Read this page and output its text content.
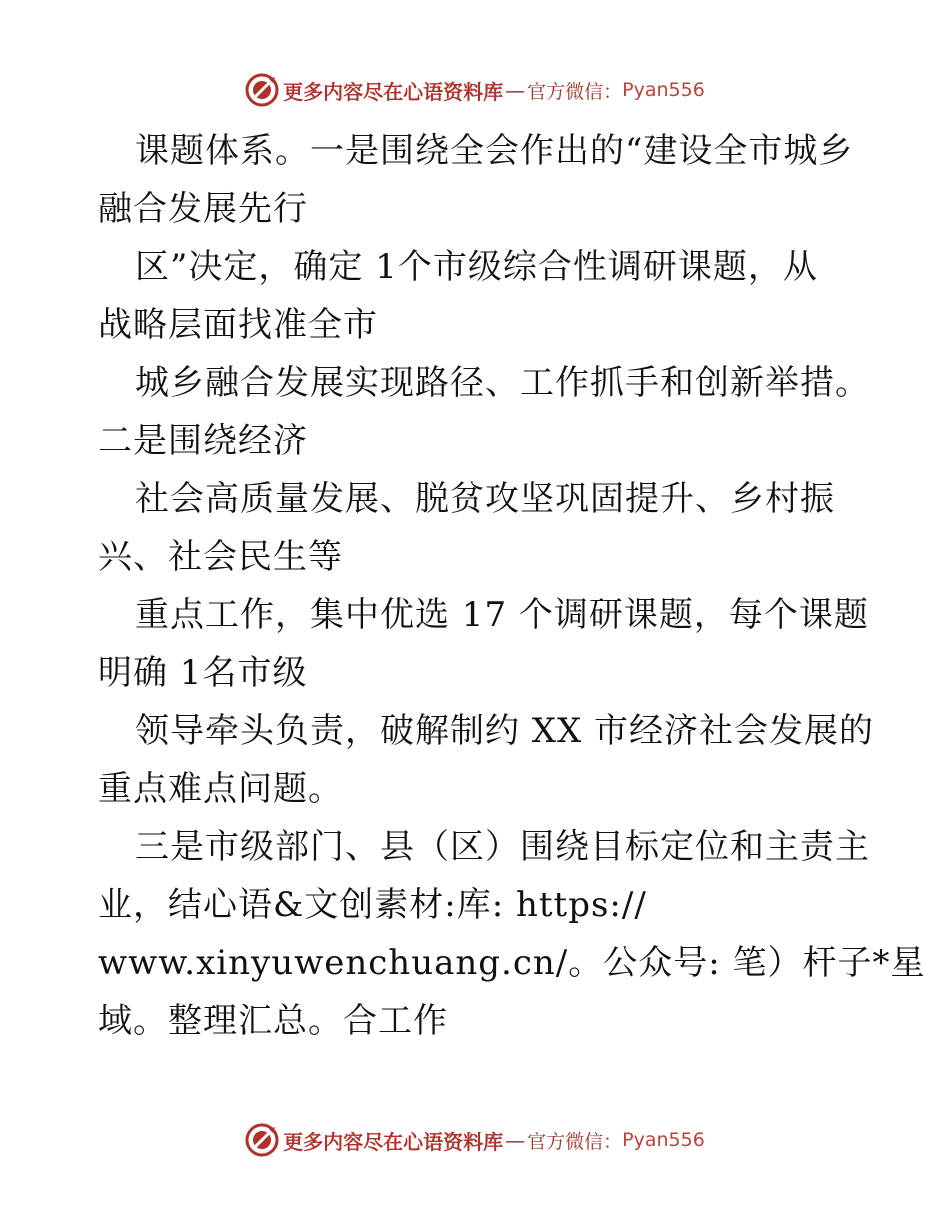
更多内容尽在心语资料库 — 官方微信： Pyan556
课题体系。一是围绕全会作出的“建设全市城乡
融合发展先行
区”决定，确定 1个市级综合性调研课题，从
战略层面找准全市
城乡融合发展实现路径、工作抓手和创新举措。
二是围绕经济
社会高质量发展、脱贫攻坚巩固提升、乡村振
兴、社会民生等
重点工作，集中优选 17 个调研课题，每个课题
明确 1名市级
领导牵头负责，破解制约 XX 市经济社会发展的
重点难点问题。
三是市级部门、县（区）围绕目标定位和主责主
业，结心语&文创素材:库: https://
www.xinyuwenchuang.cn/。公众号: 笔）杆子*星
域。整理汇总。合工作
更多内容尽在心语资料库 — 官方微信： Pyan556
